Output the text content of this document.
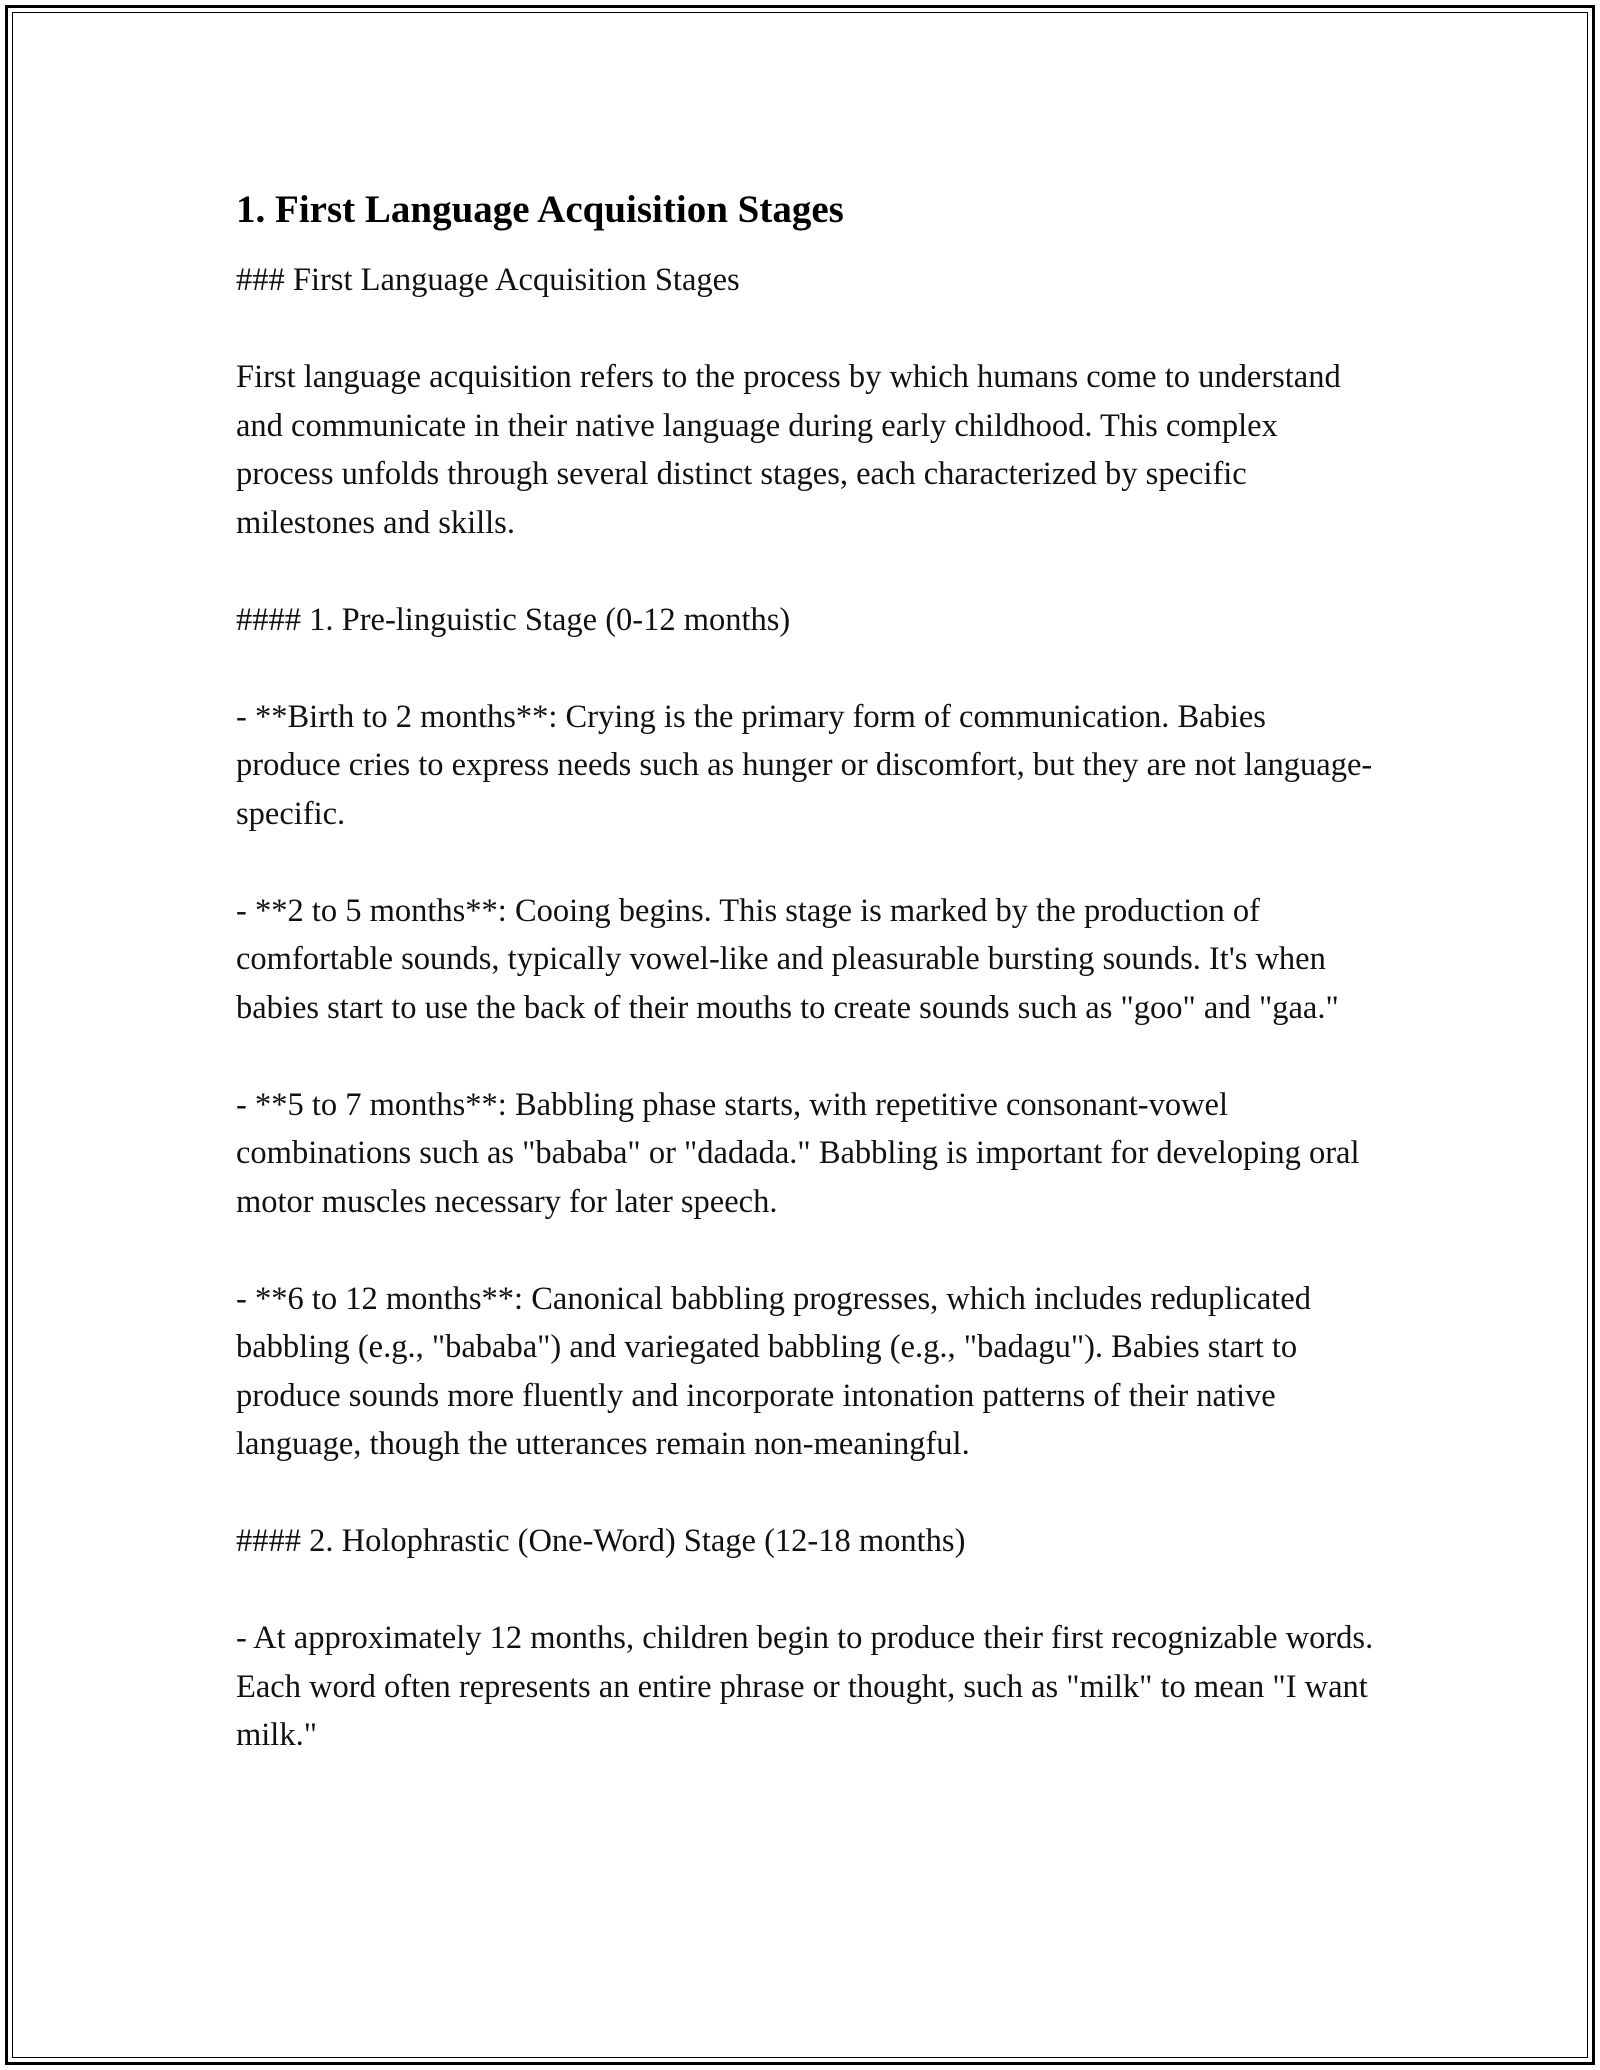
1. First Language Acquisition Stages

### First Language Acquisition Stages

First language acquisition refers to the process by which humans come to understand and communicate in their native language during early childhood. This complex process unfolds through several distinct stages, each characterized by specific milestones and skills.

#### 1. Pre-linguistic Stage (0-12 months)

- **Birth to 2 months**: Crying is the primary form of communication. Babies produce cries to express needs such as hunger or discomfort, but they are not language-specific.

- **2 to 5 months**: Cooing begins. This stage is marked by the production of comfortable sounds, typically vowel-like and pleasurable bursting sounds. It's when babies start to use the back of their mouths to create sounds such as "goo" and "gaa."

- **5 to 7 months**: Babbling phase starts, with repetitive consonant-vowel combinations such as "bababa" or "dadada." Babbling is important for developing oral motor muscles necessary for later speech.

- **6 to 12 months**: Canonical babbling progresses, which includes reduplicated babbling (e.g., "bababa") and variegated babbling (e.g., "badagu"). Babies start to produce sounds more fluently and incorporate intonation patterns of their native language, though the utterances remain non-meaningful.

#### 2. Holophrastic (One-Word) Stage (12-18 months)

- At approximately 12 months, children begin to produce their first recognizable words. Each word often represents an entire phrase or thought, such as "milk" to mean "I want milk."
